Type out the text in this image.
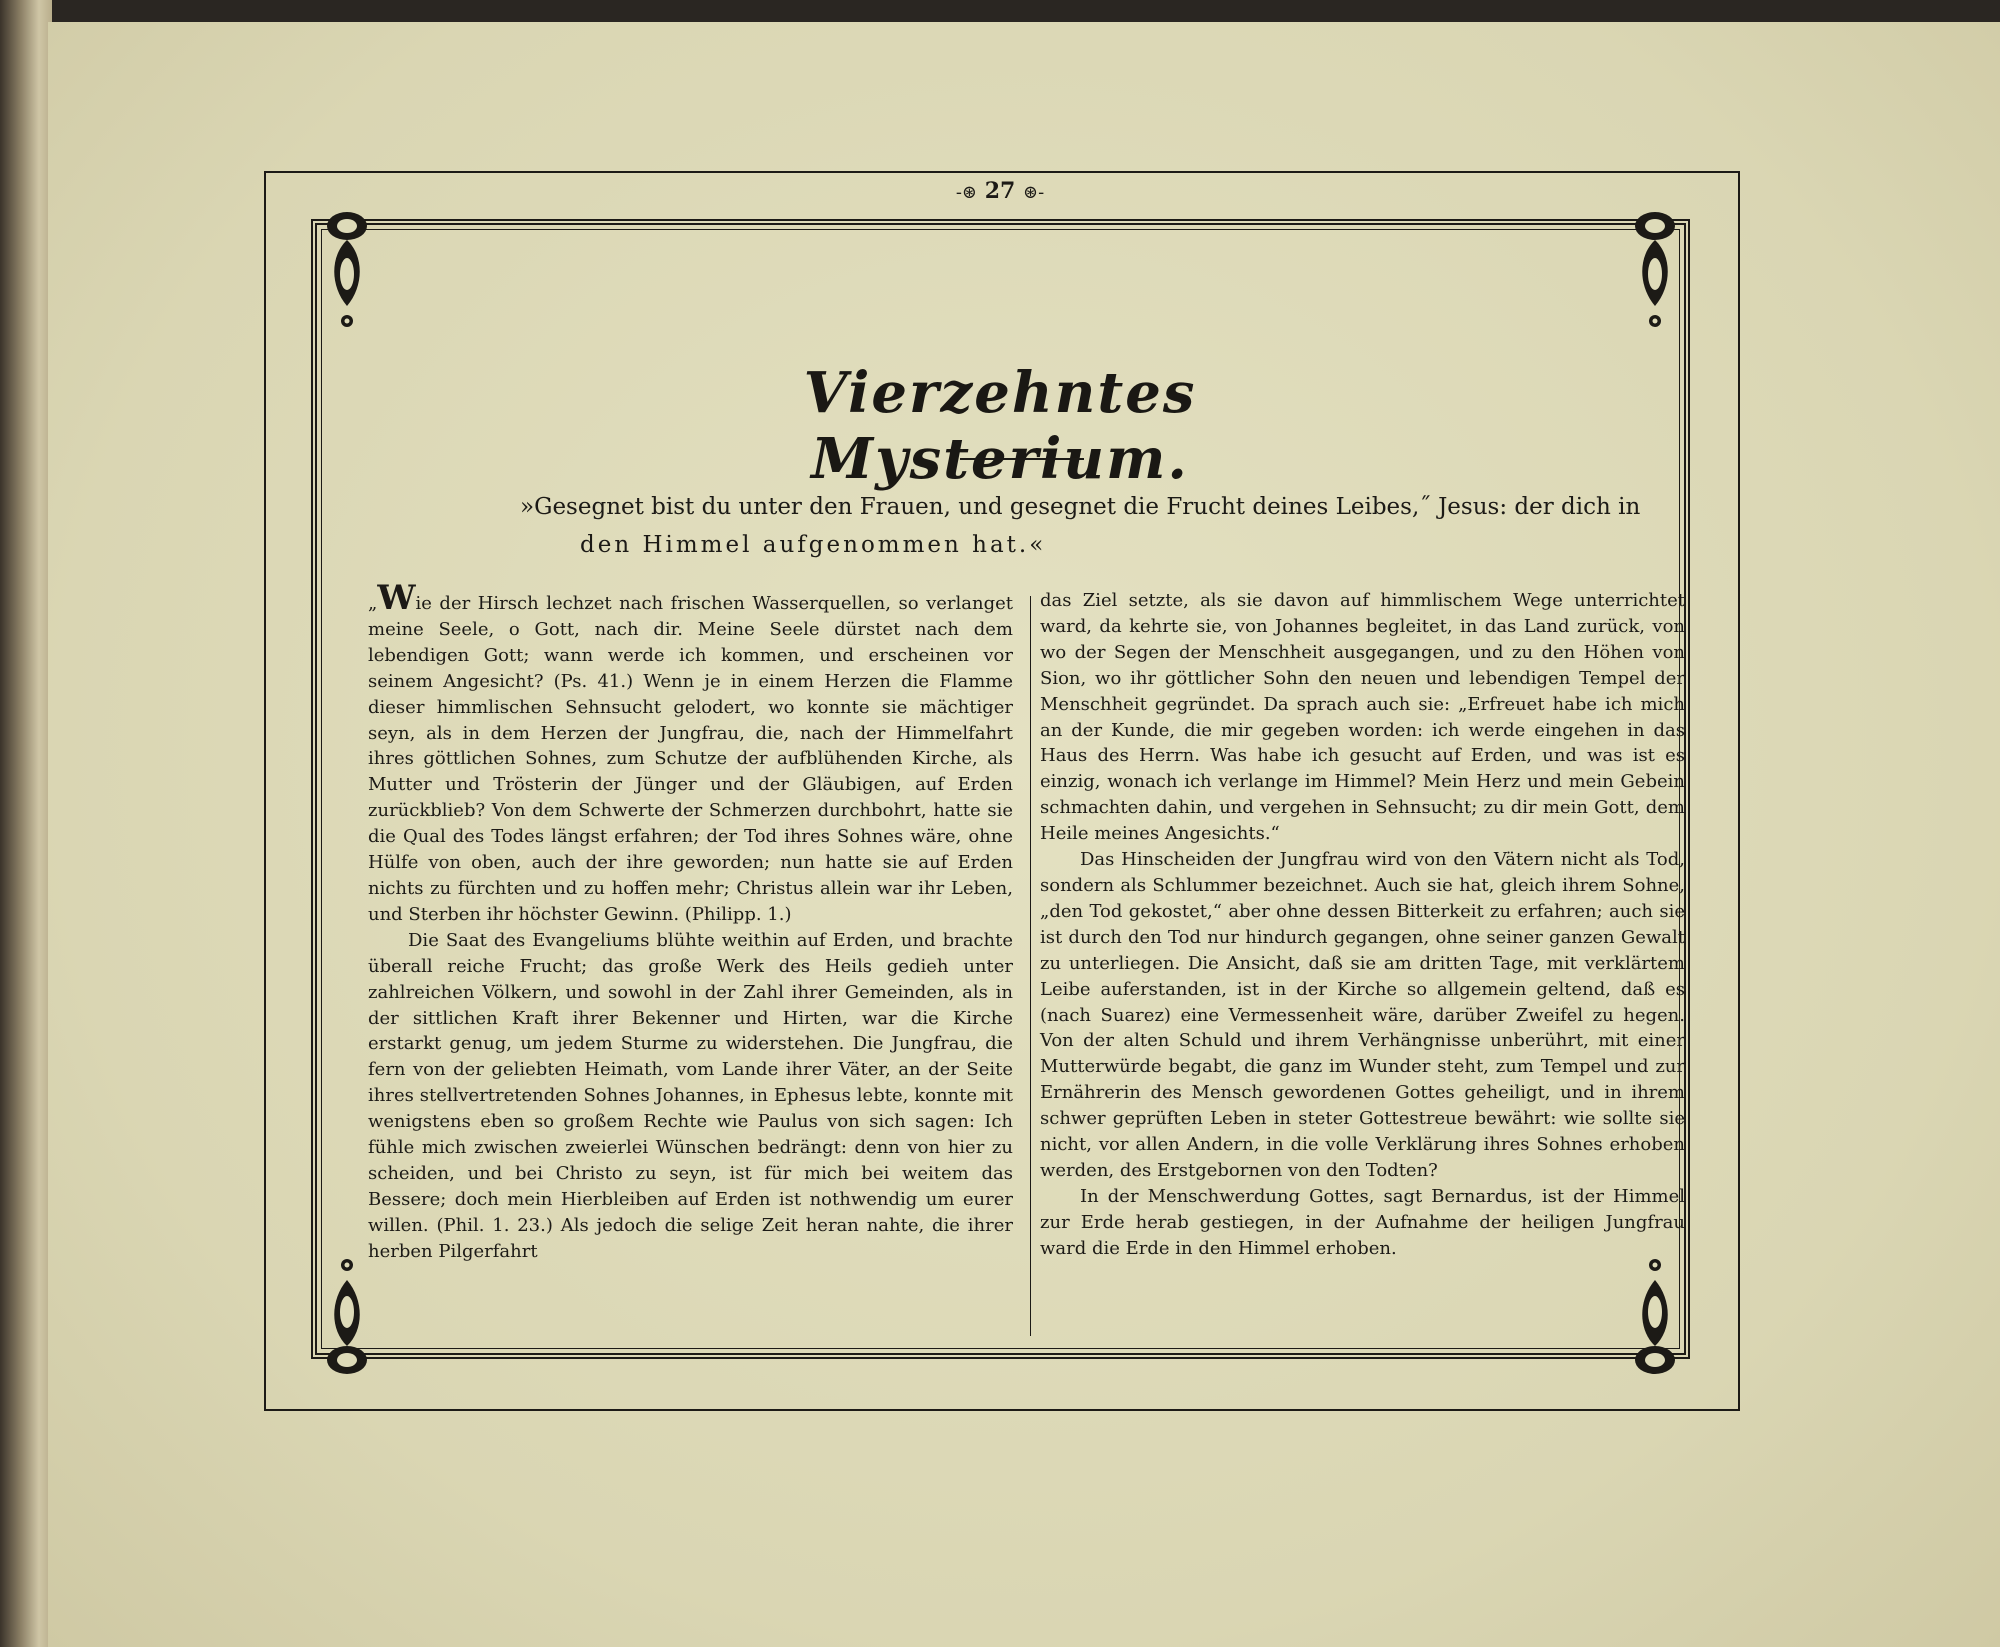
-⊛ 27 ⊛-
Vierzehntes Mysterium.
»Gesegnet bist du unter den Frauen, und gesegnet die Frucht deines Leibes,˝ Jesus: der dich in
den Himmel aufgenommen hat.«

„Wie der Hirsch lechzet nach frischen Wasserquellen, so verlanget meine Seele, o Gott, nach dir. Meine Seele dürstet nach dem lebendigen Gott; wann werde ich kommen, und erscheinen vor seinem Angesicht? (Ps. 41.) Wenn je in einem Herzen die Flamme dieser himmlischen Sehnsucht gelodert, wo konnte sie mächtiger seyn, als in dem Herzen der Jungfrau, die, nach der Himmelfahrt ihres göttlichen Sohnes, zum Schutze der aufblühenden Kirche, als Mutter und Trösterin der Jünger und der Gläubigen, auf Erden zurückblieb? Von dem Schwerte der Schmerzen durchbohrt, hatte sie die Qual des Todes längst erfahren; der Tod ihres Sohnes wäre, ohne Hülfe von oben, auch der ihre geworden; nun hatte sie auf Erden nichts zu fürchten und zu hoffen mehr; Christus allein war ihr Leben, und Sterben ihr höchster Gewinn. (Philipp. 1.)

Die Saat des Evangeliums blühte weithin auf Erden, und brachte überall reiche Frucht; das große Werk des Heils gedieh unter zahlreichen Völkern, und sowohl in der Zahl ihrer Gemeinden, als in der sittlichen Kraft ihrer Bekenner und Hirten, war die Kirche erstarkt genug, um jedem Sturme zu widerstehen. Die Jungfrau, die fern von der geliebten Heimath, vom Lande ihrer Väter, an der Seite ihres stellvertretenden Sohnes Johannes, in Ephesus lebte, konnte mit wenigstens eben so großem Rechte wie Paulus von sich sagen: Ich fühle mich zwischen zweierlei Wünschen bedrängt: denn von hier zu scheiden, und bei Christo zu seyn, ist für mich bei weitem das Bessere; doch mein Hierbleiben auf Erden ist nothwendig um eurer willen. (Phil. 1. 23.) Als jedoch die selige Zeit heran nahte, die ihrer herben Pilgerfahrt

das Ziel setzte, als sie davon auf himmlischem Wege unterrichtet ward, da kehrte sie, von Johannes begleitet, in das Land zurück, von wo der Segen der Menschheit ausgegangen, und zu den Höhen von Sion, wo ihr göttlicher Sohn den neuen und lebendigen Tempel der Menschheit gegründet. Da sprach auch sie: „Erfreuet habe ich mich an der Kunde, die mir gegeben worden: ich werde eingehen in das Haus des Herrn. Was habe ich gesucht auf Erden, und was ist es einzig, wonach ich verlange im Himmel? Mein Herz und mein Gebein schmachten dahin, und vergehen in Sehnsucht; zu dir mein Gott, dem Heile meines Angesichts.“

Das Hinscheiden der Jungfrau wird von den Vätern nicht als Tod, sondern als Schlummer bezeichnet. Auch sie hat, gleich ihrem Sohne, „den Tod gekostet,“ aber ohne dessen Bitterkeit zu erfahren; auch sie ist durch den Tod nur hindurch gegangen, ohne seiner ganzen Gewalt zu unterliegen. Die Ansicht, daß sie am dritten Tage, mit verklärtem Leibe auferstanden, ist in der Kirche so allgemein geltend, daß es (nach Suarez) eine Vermessenheit wäre, darüber Zweifel zu hegen. Von der alten Schuld und ihrem Verhängnisse unberührt, mit einer Mutterwürde begabt, die ganz im Wunder steht, zum Tempel und zur Ernährerin des Mensch gewordenen Gottes geheiligt, und in ihrem schwer geprüften Leben in steter Gottestreue bewährt: wie sollte sie nicht, vor allen Andern, in die volle Verklärung ihres Sohnes erhoben werden, des Erstgebornen von den Todten?

In der Menschwerdung Gottes, sagt Bernardus, ist der Himmel zur Erde herab gestiegen, in der Aufnahme der heiligen Jungfrau ward die Erde in den Himmel erhoben.
